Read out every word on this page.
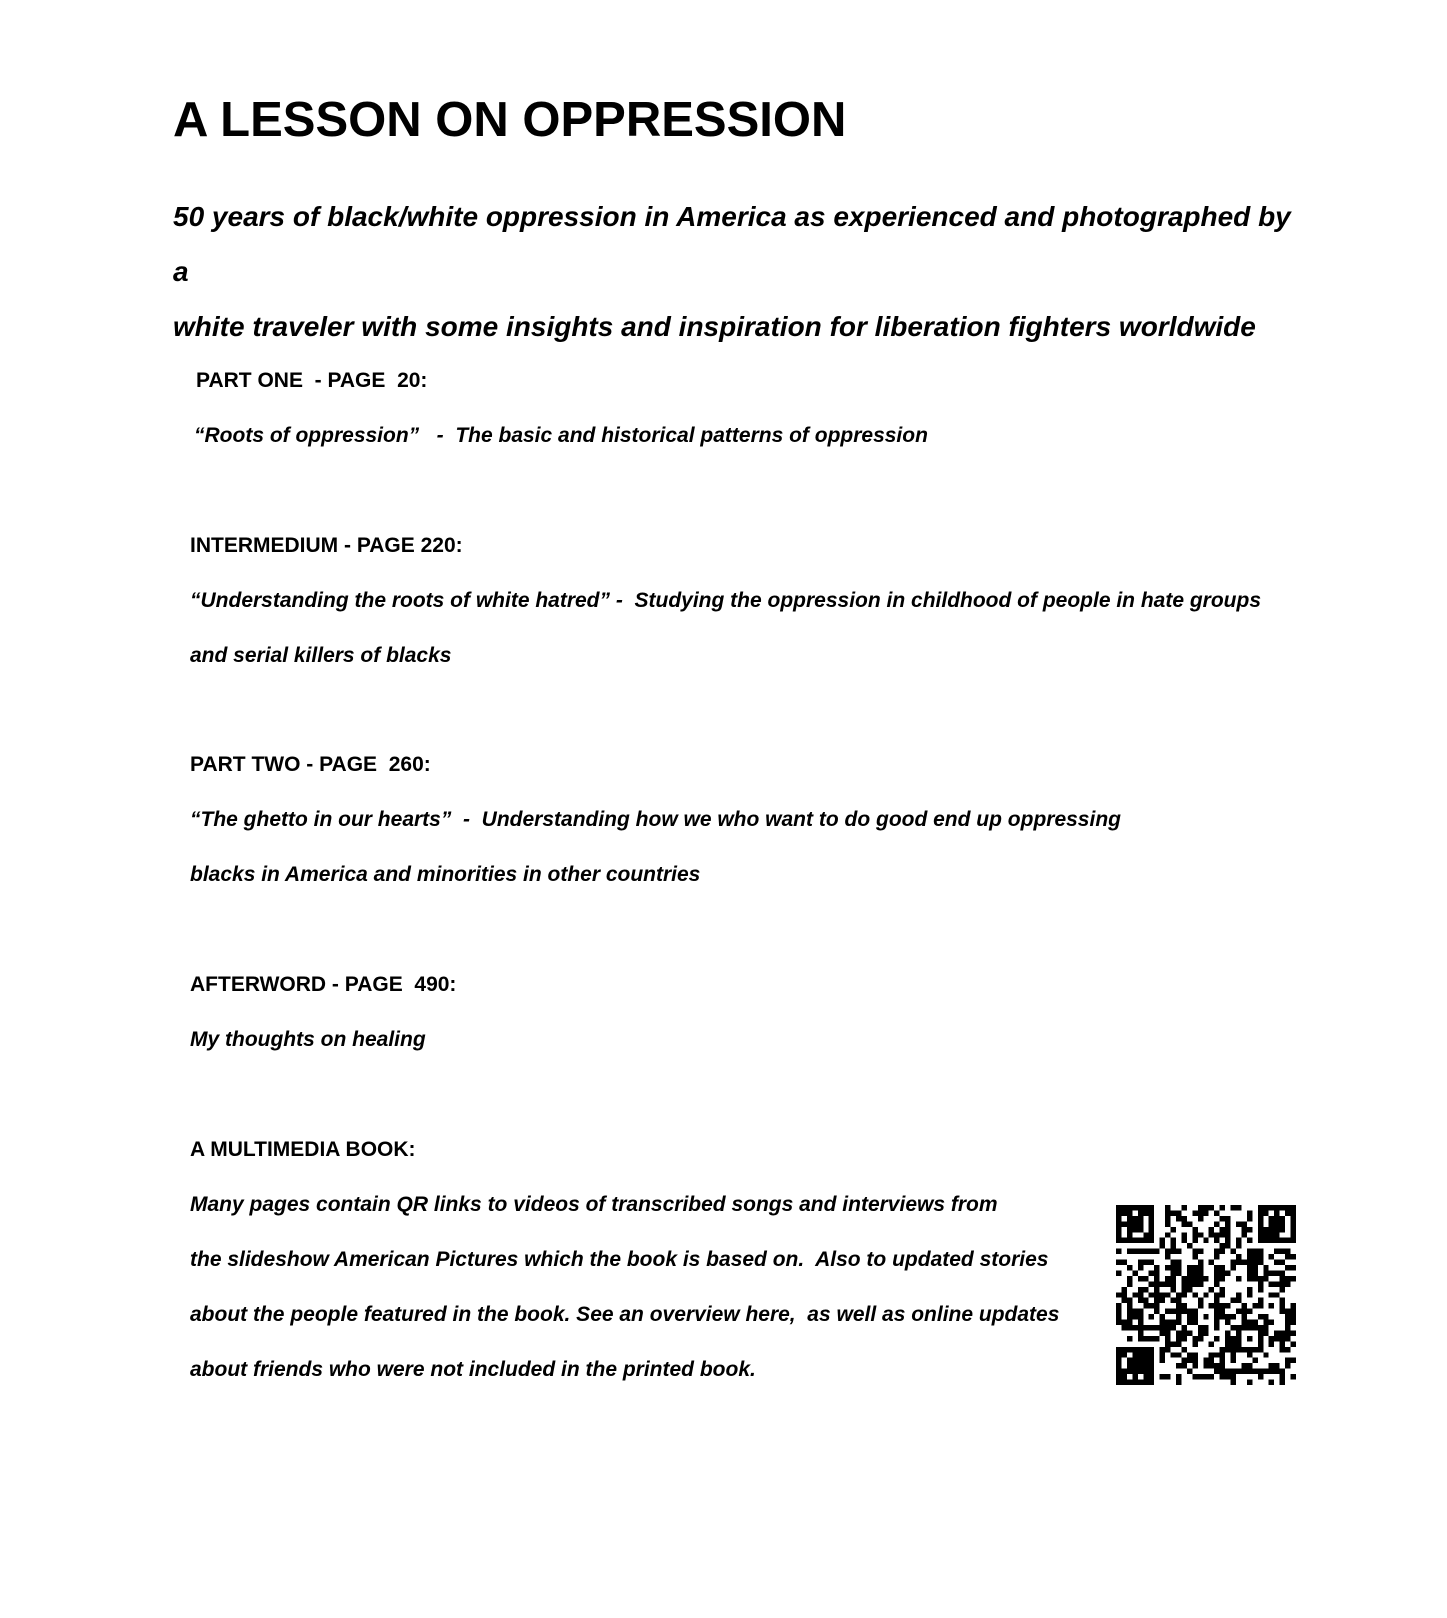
A LESSON ON OPPRESSION
50 years of black/white oppression in America as experienced and photographed by a
white traveler with some insights and inspiration for liberation fighters worldwide
PART ONE  - PAGE  20:
“Roots of oppression”   -  The basic and historical patterns of oppression
INTERMEDIUM - PAGE 220:
“Understanding the roots of white hatred” -  Studying the oppression in childhood of people in hate groups
and serial killers of blacks
PART TWO - PAGE  260:
“The ghetto in our hearts”  -  Understanding how we who want to do good end up oppressing
blacks in America and minorities in other countries
AFTERWORD - PAGE  490:
My thoughts on healing
A MULTIMEDIA BOOK:
Many pages contain QR links to videos of transcribed songs and interviews from
the slideshow American Pictures which the book is based on.  Also to updated stories
about the people featured in the book. See an overview here,  as well as online updates
about friends who were not included in the printed book.
